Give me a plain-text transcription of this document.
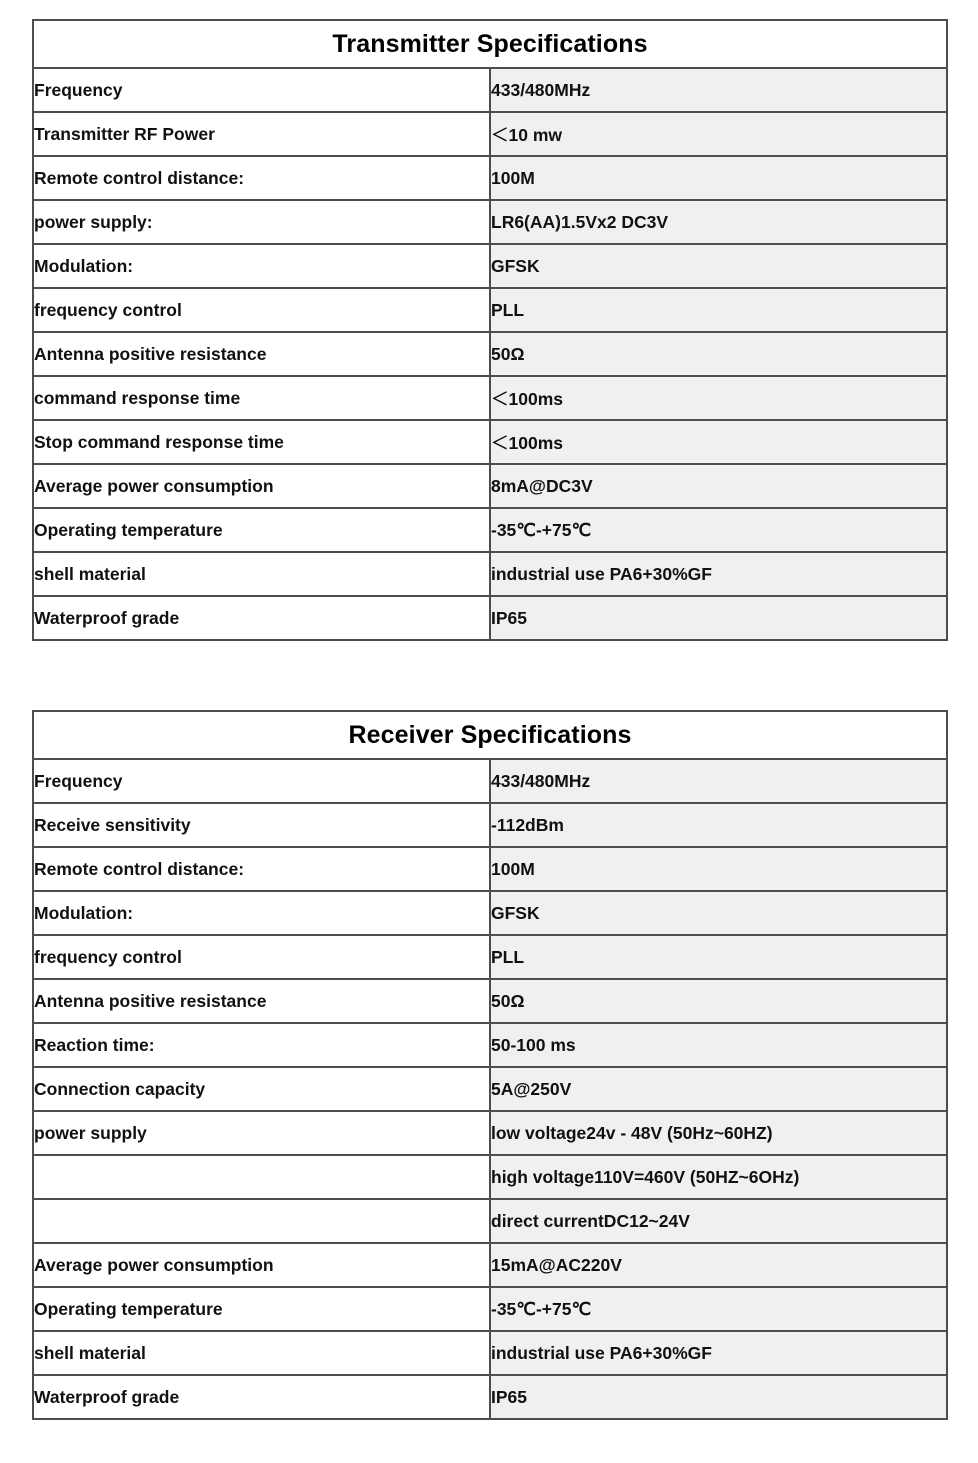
Transmitter Specifications	
Frequency	433/480MHz
Transmitter RF Power	＜10 mw
Remote control distance:	100M
power supply:	LR6(AA)1.5Vx2 DC3V
Modulation:	GFSK
frequency control	PLL
Antenna positive resistance	50Ω
command response time	＜100ms
Stop command response time	＜100ms
Average power consumption	8mA@DC3V
Operating temperature	-35℃-+75℃
shell material	industrial use PA6+30%GF
Waterproof grade	IP65
Receiver Specifications	
Frequency	433/480MHz
Receive sensitivity	-112dBm
Remote control distance:	100M
Modulation:	GFSK
frequency control	PLL
Antenna positive resistance	50Ω
Reaction time:	50-100 ms
Connection capacity	5A@250V
power supply	low voltage24v - 48V (50Hz~60HZ)
	high voltage110V=460V (50HZ~6OHz)
	direct currentDC12~24V
Average power consumption	15mA@AC220V
Operating temperature	-35℃-+75℃
shell material	industrial use PA6+30%GF
Waterproof grade	IP65
